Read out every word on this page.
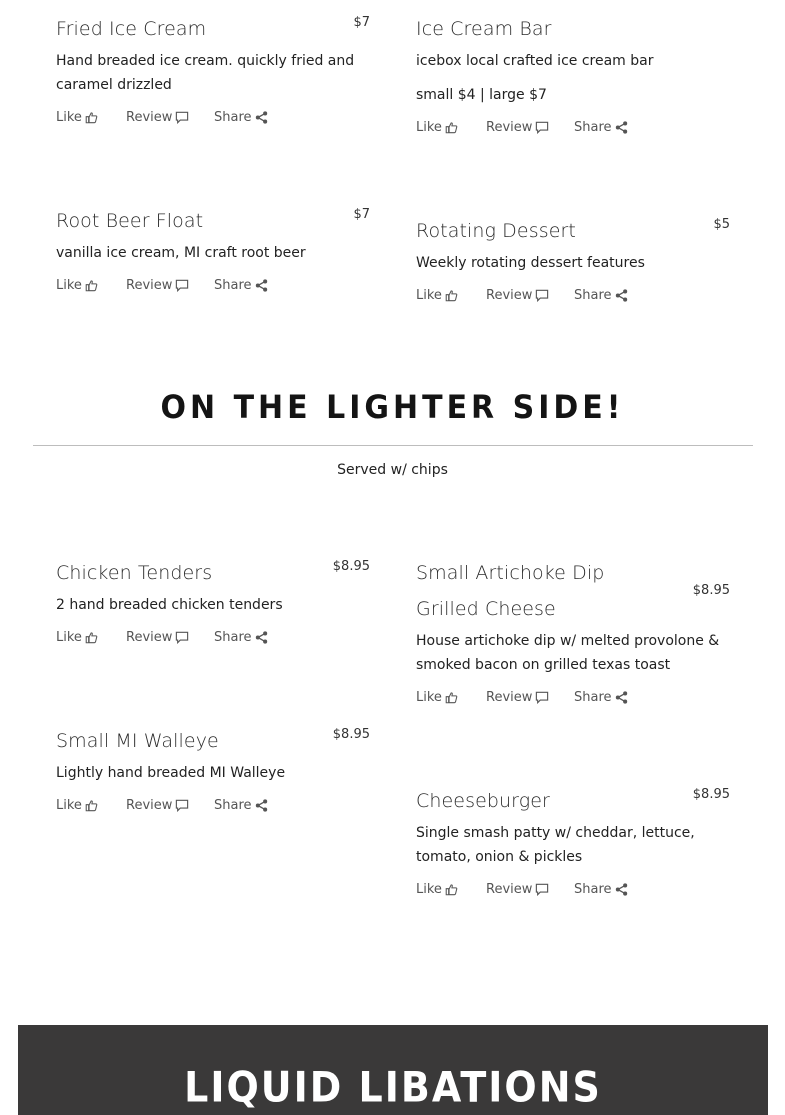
Fried Ice Cream	$7
Hand breaded ice cream. quickly fried and caramel drizzled
Like	Review	Share
Ice Cream Bar
icebox local crafted ice cream bar
small $4 | large $7
Like	Review	Share
Root Beer Float	$7
vanilla ice cream, MI craft root beer
Like	Review	Share
Rotating Dessert	$5
Weekly rotating dessert features
Like	Review	Share
ON THE LIGHTER SIDE!
Served w/ chips
Chicken Tenders	$8.95
2 hand breaded chicken tenders
Like	Review	Share
Small Artichoke Dip Grilled Cheese
$8.95
House artichoke dip w/ melted provolone & smoked bacon on grilled texas toast
Like	Review	Share
Small MI Walleye	$8.95
Lightly hand breaded MI Walleye
Like	Review	Share	Cheeseburger	$8.95
Single smash patty w/ cheddar, lettuce, tomato, onion & pickles
Like	Review	Share
LIQUID LIBATIONS
